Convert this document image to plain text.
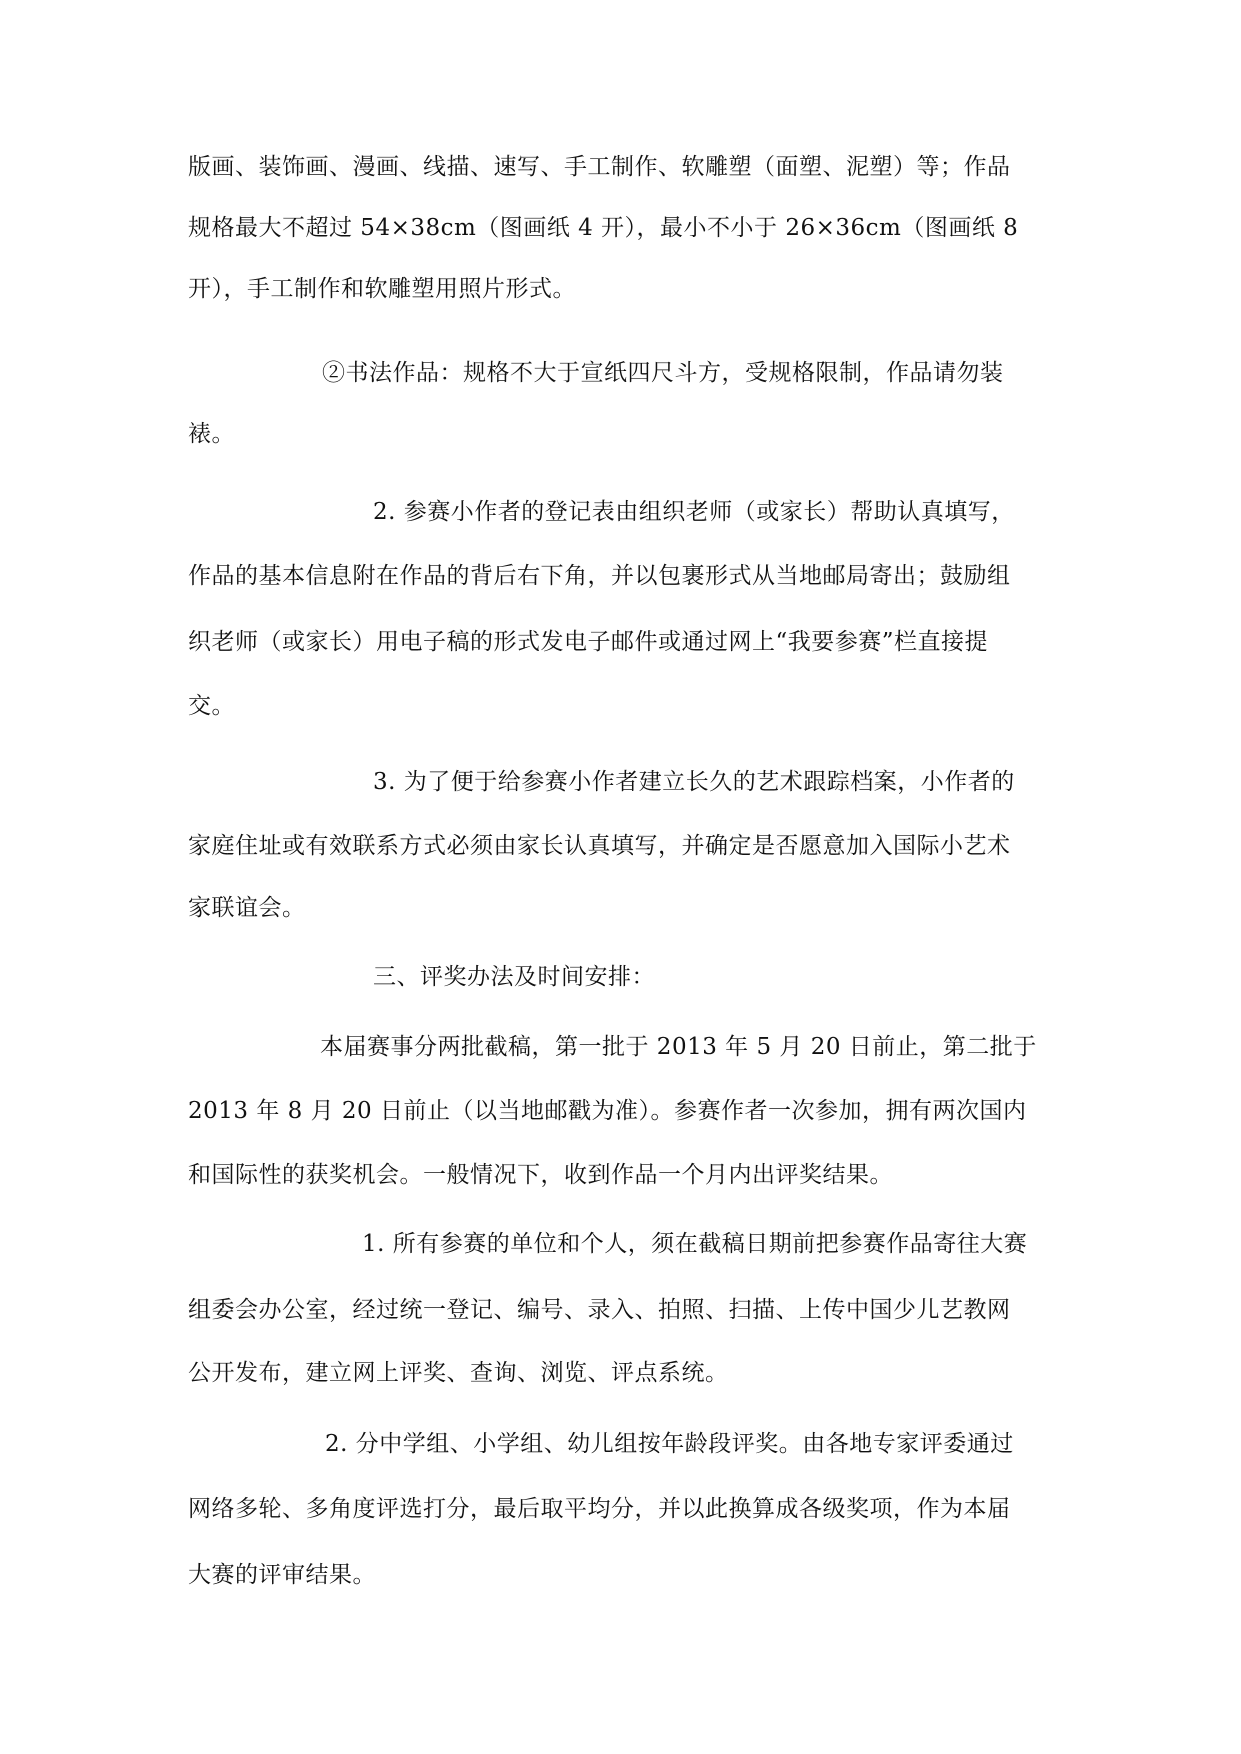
版画、装饰画、漫画、线描、速写、手工制作、软雕塑（面塑、泥塑）等；作品
规格最大不超过 54×38cm（图画纸 4 开），最小不小于 26×36cm（图画纸 8
开），手工制作和软雕塑用照片形式。
②书法作品：规格不大于宣纸四尺斗方，受规格限制，作品请勿装
裱。
2. 参赛小作者的登记表由组织老师（或家长）帮助认真填写，
作品的基本信息附在作品的背后右下角，并以包裹形式从当地邮局寄出；鼓励组
织老师（或家长）用电子稿的形式发电子邮件或通过网上“我要参赛”栏直接提
交。
3. 为了便于给参赛小作者建立长久的艺术跟踪档案，小作者的
家庭住址或有效联系方式必须由家长认真填写，并确定是否愿意加入国际小艺术
家联谊会。
三、评奖办法及时间安排：
本届赛事分两批截稿，第一批于 2013 年 5 月 20 日前止，第二批于
2013 年 8 月 20 日前止（以当地邮戳为准）。参赛作者一次参加，拥有两次国内
和国际性的获奖机会。一般情况下，收到作品一个月内出评奖结果。
1. 所有参赛的单位和个人，须在截稿日期前把参赛作品寄往大赛
组委会办公室，经过统一登记、编号、录入、拍照、扫描、上传中国少儿艺教网
公开发布，建立网上评奖、查询、浏览、评点系统。
2. 分中学组、小学组、幼儿组按年龄段评奖。由各地专家评委通过
网络多轮、多角度评选打分，最后取平均分，并以此换算成各级奖项，作为本届
大赛的评审结果。
